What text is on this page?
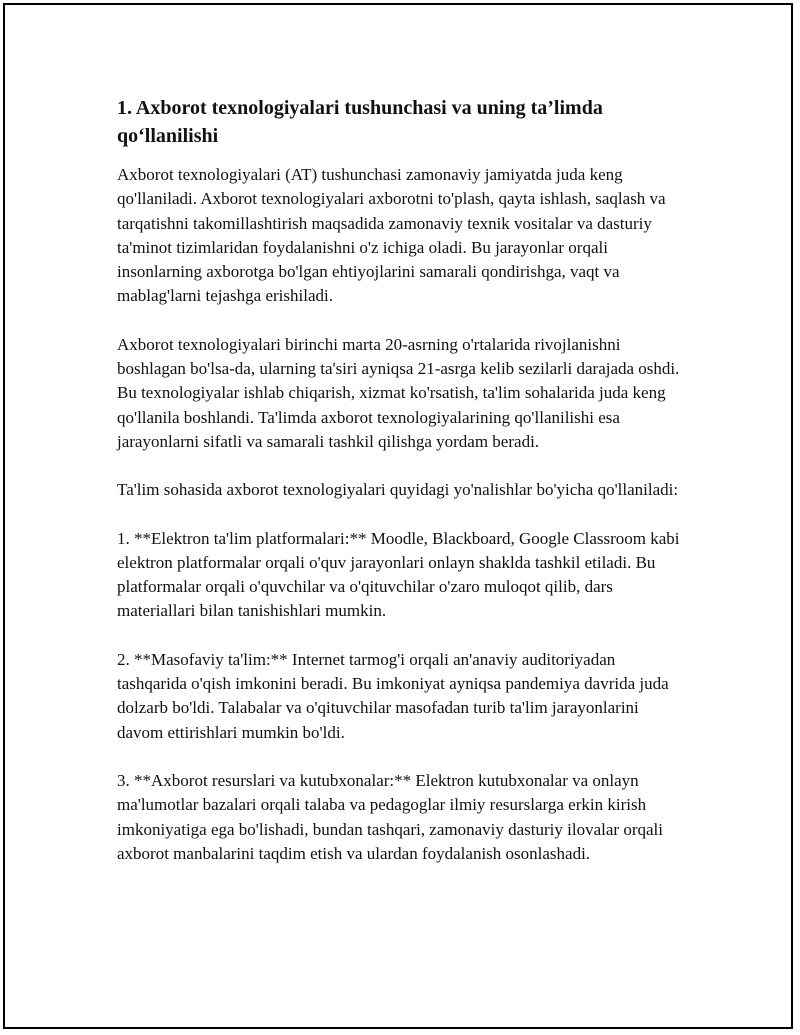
1. Axborot texnologiyalari tushunchasi va uning ta’limda qo‘llanilishi

Axborot texnologiyalari (AT) tushunchasi zamonaviy jamiyatda juda keng qo'llaniladi. Axborot texnologiyalari axborotni to'plash, qayta ishlash, saqlash va tarqatishni takomillashtirish maqsadida zamonaviy texnik vositalar va dasturiy ta'minot tizimlaridan foydalanishni o'z ichiga oladi. Bu jarayonlar orqali insonlarning axborotga bo'lgan ehtiyojlarini samarali qondirishga, vaqt va mablag'larni tejashga erishiladi.

Axborot texnologiyalari birinchi marta 20-asrning o'rtalarida rivojlanishni boshlagan bo'lsa-da, ularning ta'siri ayniqsa 21-asrga kelib sezilarli darajada oshdi. Bu texnologiyalar ishlab chiqarish, xizmat ko'rsatish, ta'lim sohalarida juda keng qo'llanila boshlandi. Ta'limda axborot texnologiyalarining qo'llanilishi esa jarayonlarni sifatli va samarali tashkil qilishga yordam beradi.

Ta'lim sohasida axborot texnologiyalari quyidagi yo'nalishlar bo'yicha qo'llaniladi:

1. **Elektron ta'lim platformalari:** Moodle, Blackboard, Google Classroom kabi elektron platformalar orqali o'quv jarayonlari onlayn shaklda tashkil etiladi. Bu platformalar orqali o'quvchilar va o'qituvchilar o'zaro muloqot qilib, dars materiallari bilan tanishishlari mumkin.

2. **Masofaviy ta'lim:** Internet tarmog'i orqali an'anaviy auditoriyadan tashqarida o'qish imkonini beradi. Bu imkoniyat ayniqsa pandemiya davrida juda dolzarb bo'ldi. Talabalar va o'qituvchilar masofadan turib ta'lim jarayonlarini davom ettirishlari mumkin bo'ldi.

3. **Axborot resurslari va kutubxonalar:** Elektron kutubxonalar va onlayn ma'lumotlar bazalari orqali talaba va pedagoglar ilmiy resurslarga erkin kirish imkoniyatiga ega bo'lishadi, bundan tashqari, zamonaviy dasturiy ilovalar orqali axborot manbalarini taqdim etish va ulardan foydalanish osonlashadi.
